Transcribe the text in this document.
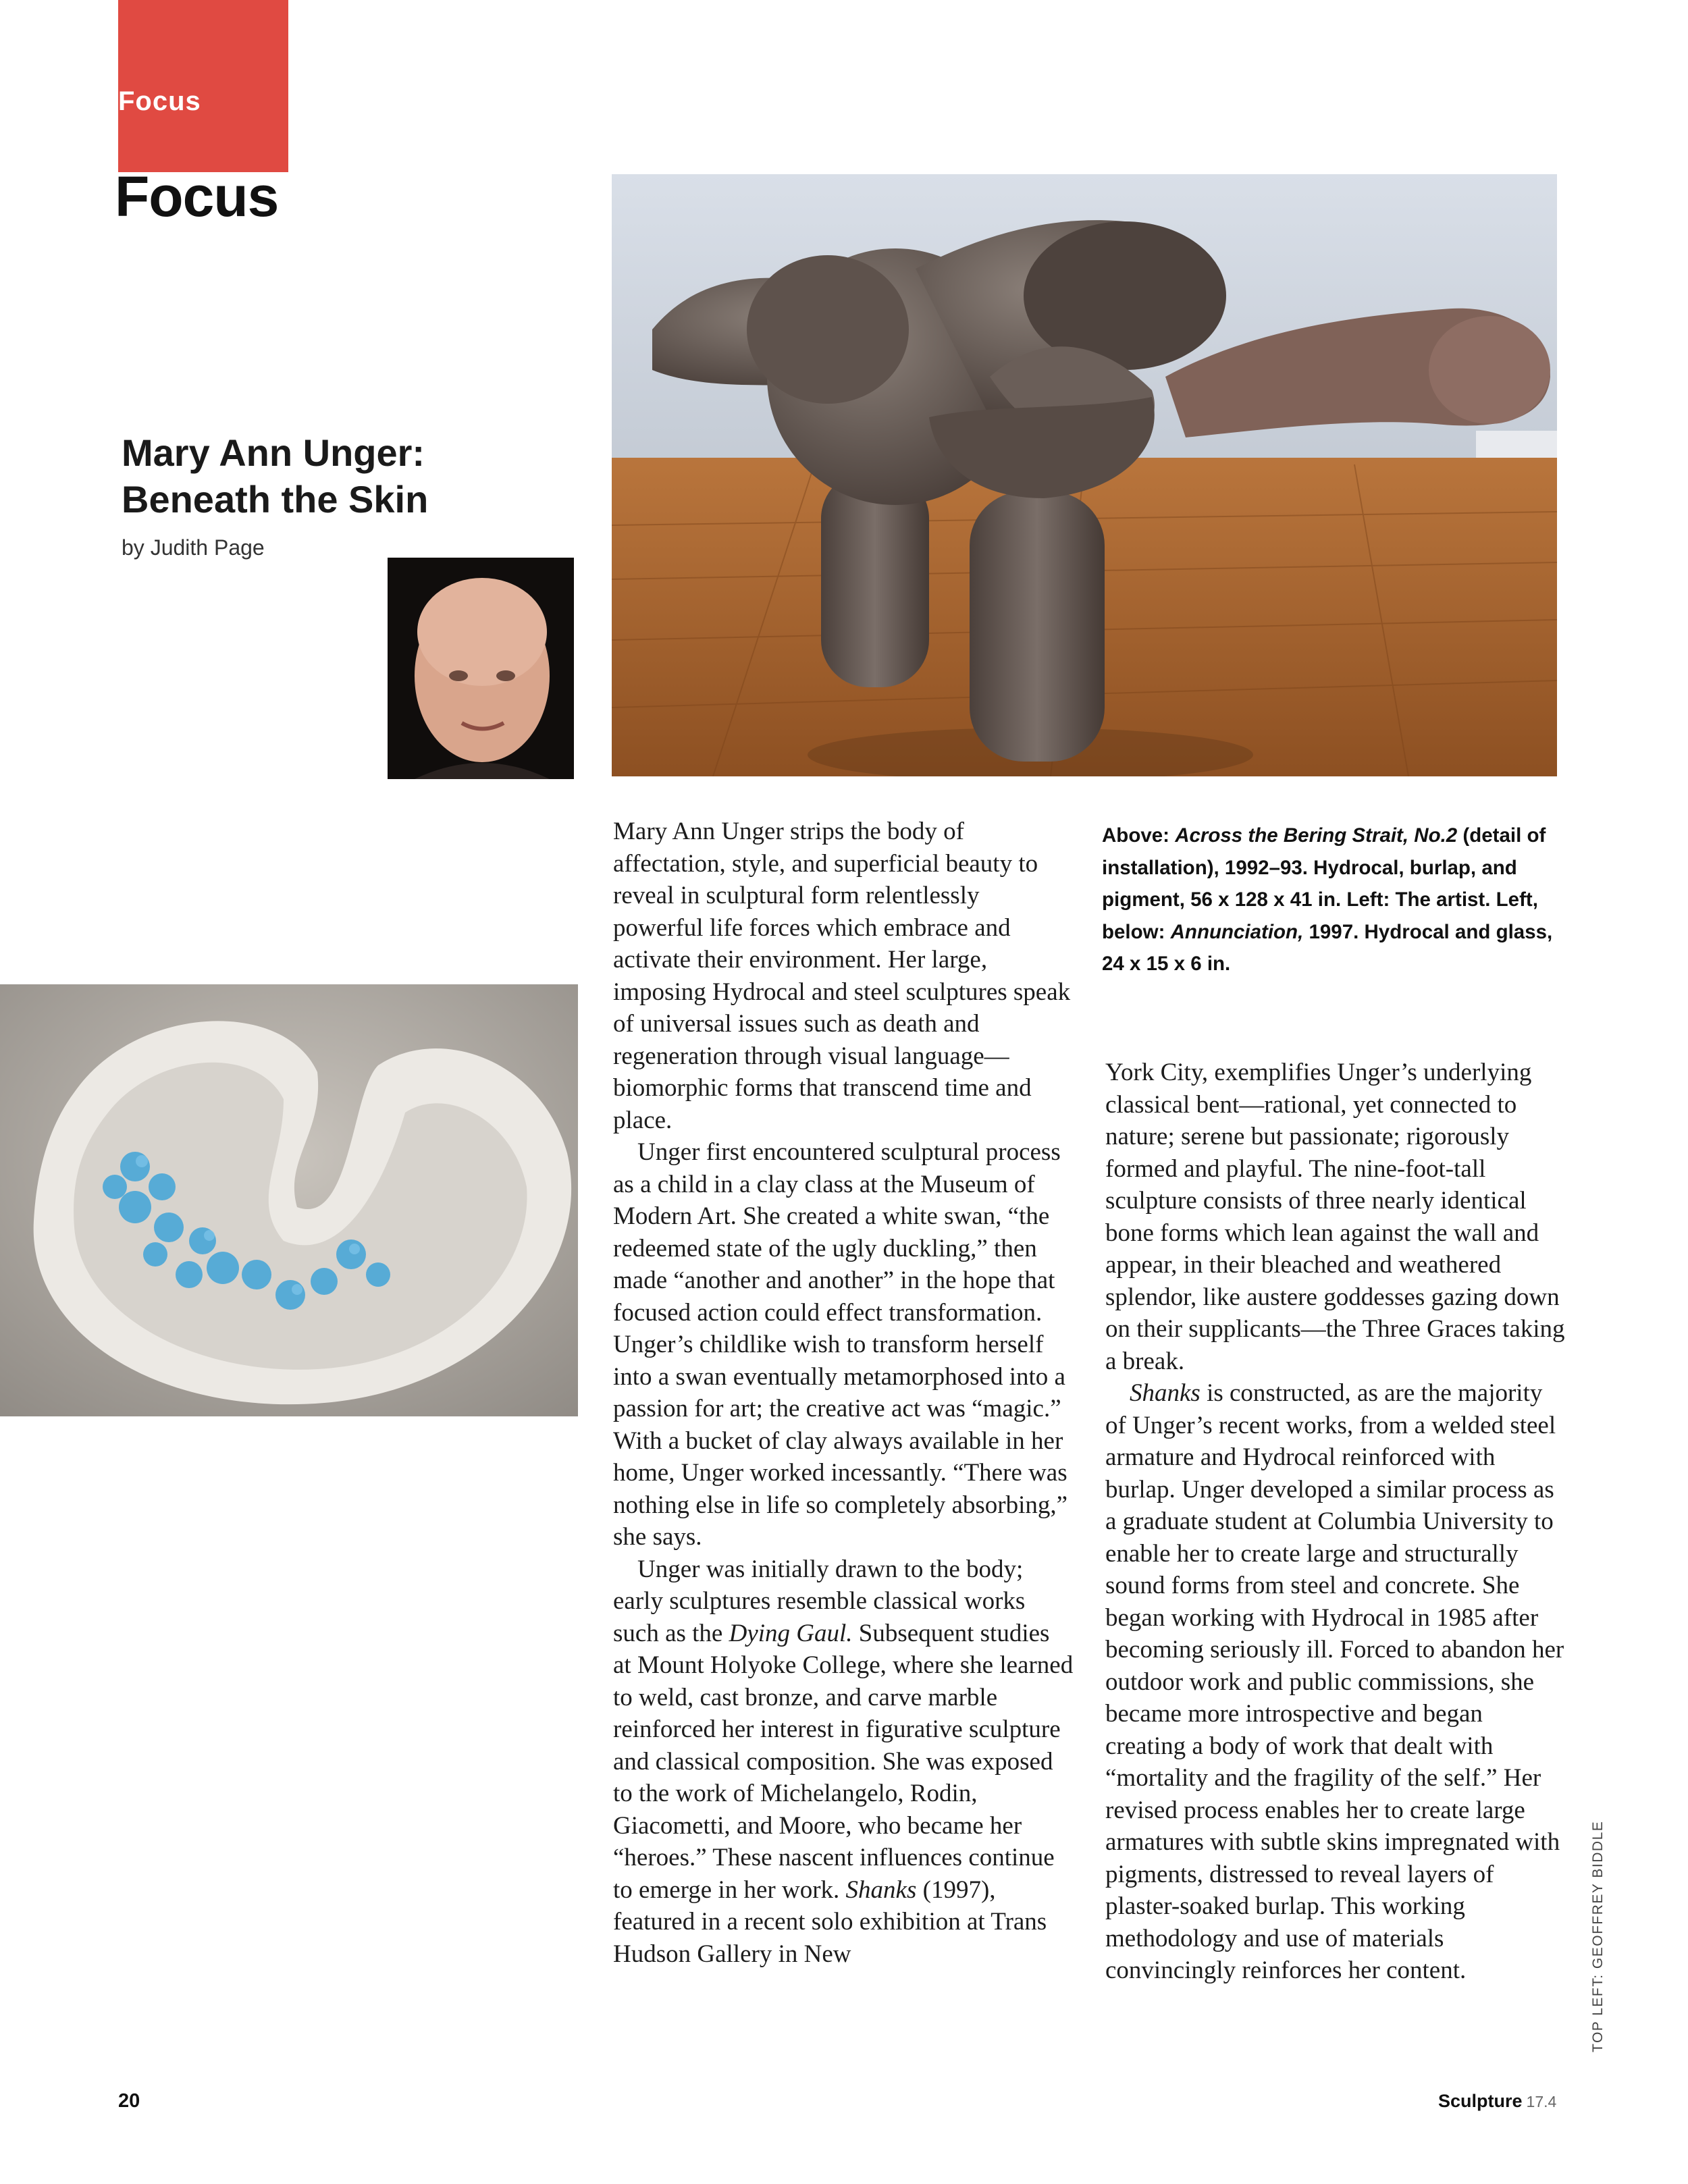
Focus
Focus
Mary Ann Unger:
Beneath the Skin
by Judith Page

Mary Ann Unger strips the body of affectation, style, and superficial beauty to reveal in sculptural form relentlessly powerful life forces which embrace and activate their environment. Her large, imposing Hydrocal and steel sculptures speak of universal issues such as death and regeneration through visual language—biomorphic forms that transcend time and place.

Unger first encountered sculptural process as a child in a clay class at the Museum of Modern Art. She created a white swan, “the redeemed state of the ugly duckling,” then made “another and another” in the hope that focused action could effect transformation. Unger’s childlike wish to transform herself into a swan eventually metamorphosed into a passion for art; the creative act was “magic.” With a bucket of clay always available in her home, Unger worked incessantly. “There was nothing else in life so completely absorbing,” she says.

Unger was initially drawn to the body; early sculptures resemble classical works such as the Dying Gaul. Subsequent studies at Mount Holyoke College, where she learned to weld, cast bronze, and carve marble reinforced her interest in figurative sculpture and classical composition. She was exposed to the work of Michelangelo, Rodin, Giacometti, and Moore, who became her “heroes.” These nascent influences continue to emerge in her work. Shanks (1997), featured in a recent solo exhibition at Trans Hudson Gallery in New

Above: Across the Bering Strait, No.2 (detail of installation), 1992–93. Hydrocal, burlap, and pigment, 56 x 128 x 41 in. Left: The artist. Left, below: Annunciation, 1997. Hydrocal and glass, 24 x 15 x 6 in.

York City, exemplifies Unger’s underlying classical bent—rational, yet connected to nature; serene but passionate; rigorously formed and playful. The nine-foot-tall sculpture consists of three nearly identical bone forms which lean against the wall and appear, in their bleached and weathered splendor, like austere goddesses gazing down on their supplicants—the Three Graces taking a break.

Shanks is constructed, as are the majority of Unger’s recent works, from a welded steel armature and Hydrocal reinforced with burlap. Unger developed a similar process as a graduate student at Columbia University to enable her to create large and structurally sound forms from steel and concrete. She began working with Hydrocal in 1985 after becoming seriously ill. Forced to abandon her outdoor work and public commissions, she became more introspective and began creating a body of work that dealt with “mortality and the fragility of the self.” Her revised process enables her to create large armatures with subtle skins impregnated with pigments, distressed to reveal layers of plaster-soaked burlap. This working methodology and use of materials convincingly reinforces her content.	TOP LEFT: GEOFFREY BIDDLE
20	Sculpture 17.4
